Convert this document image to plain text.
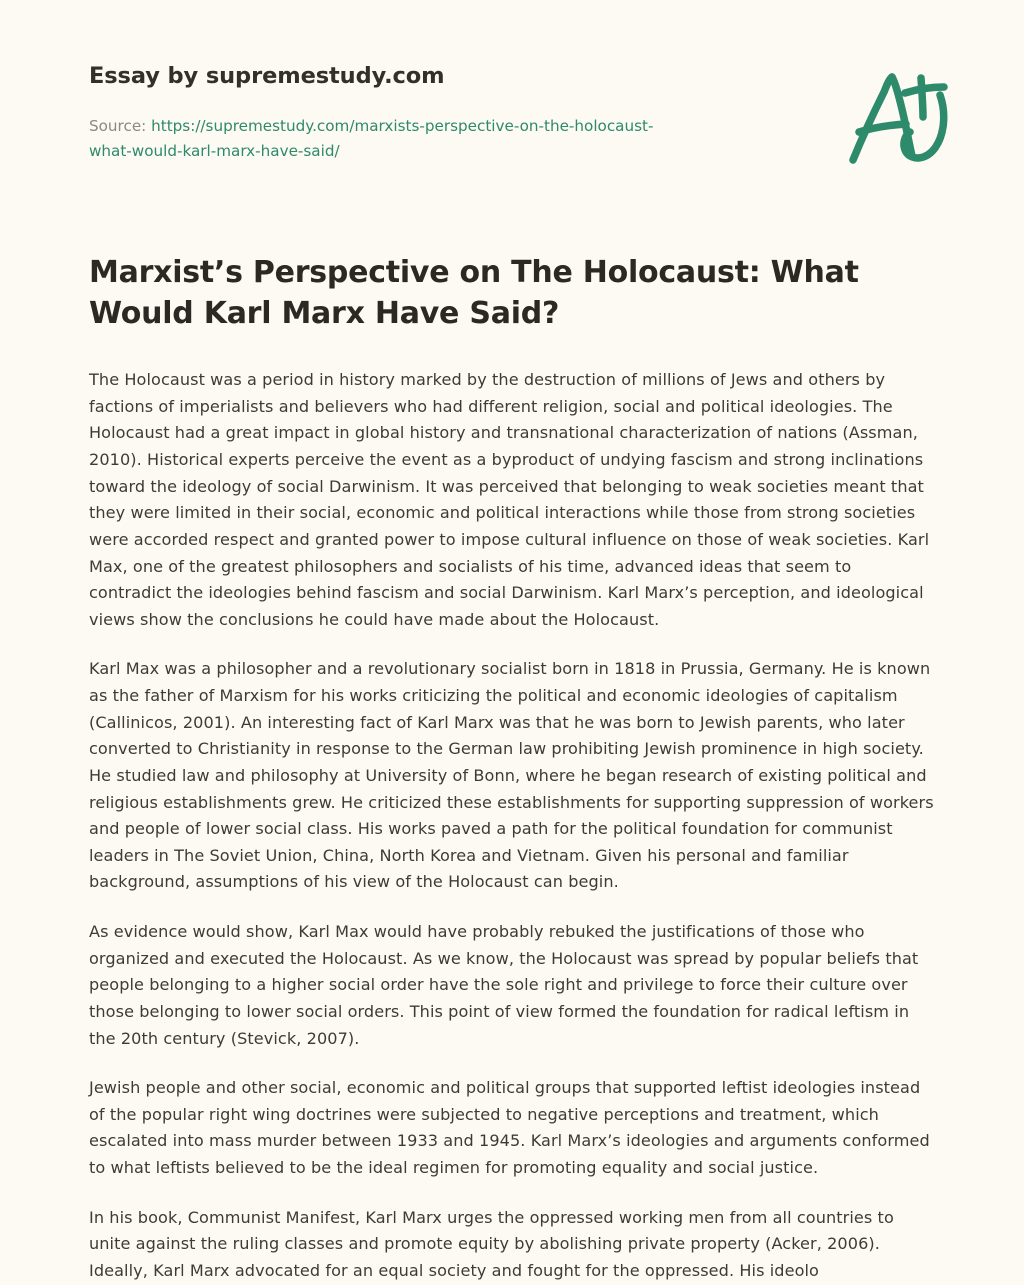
Essay by supremestudy.com
Source: https://supremestudy.com/marxists-perspective-on-the-holocaust-what-would-karl-marx-have-said/
Marxist’s Perspective on The Holocaust: What Would Karl Marx Have Said?

The Holocaust was a period in history marked by the destruction of millions of Jews and others by factions of imperialists and believers who had different religion, social and political ideologies. The Holocaust had a great impact in global history and transnational characterization of nations (Assman, 2010). Historical experts perceive the event as a byproduct of undying fascism and strong inclinations toward the ideology of social Darwinism. It was perceived that belonging to weak societies meant that they were limited in their social, economic and political interactions while those from strong societies were accorded respect and granted power to impose cultural influence on those of weak societies. Karl Max, one of the greatest philosophers and socialists of his time, advanced ideas that seem to contradict the ideologies behind fascism and social Darwinism. Karl Marx’s perception, and ideological views show the conclusions he could have made about the Holocaust.

Karl Max was a philosopher and a revolutionary socialist born in 1818 in Prussia, Germany. He is known as the father of Marxism for his works criticizing the political and economic ideologies of capitalism (Callinicos, 2001). An interesting fact of Karl Marx was that he was born to Jewish parents, who later converted to Christianity in response to the German law prohibiting Jewish prominence in high society. He studied law and philosophy at University of Bonn, where he began research of existing political and religious establishments grew. He criticized these establishments for supporting suppression of workers and people of lower social class. His works paved a path for the political foundation for communist leaders in The Soviet Union, China, North Korea and Vietnam. Given his personal and familiar background, assumptions of his view of the Holocaust can begin.

As evidence would show, Karl Max would have probably rebuked the justifications of those who organized and executed the Holocaust. As we know, the Holocaust was spread by popular beliefs that people belonging to a higher social order have the sole right and privilege to force their culture over those belonging to lower social orders. This point of view formed the foundation for radical leftism in the 20th century (Stevick, 2007).

Jewish people and other social, economic and political groups that supported leftist ideologies instead of the popular right wing doctrines were subjected to negative perceptions and treatment, which escalated into mass murder between 1933 and 1945. Karl Marx’s ideologies and arguments conformed to what leftists believed to be the ideal regimen for promoting equality and social justice.

In his book, Communist Manifest, Karl Marx urges the oppressed working men from all countries to unite against the ruling classes and promote equity by abolishing private property (Acker, 2006). Ideally, Karl Marx advocated for an equal society and fought for the oppressed. His ideolo
